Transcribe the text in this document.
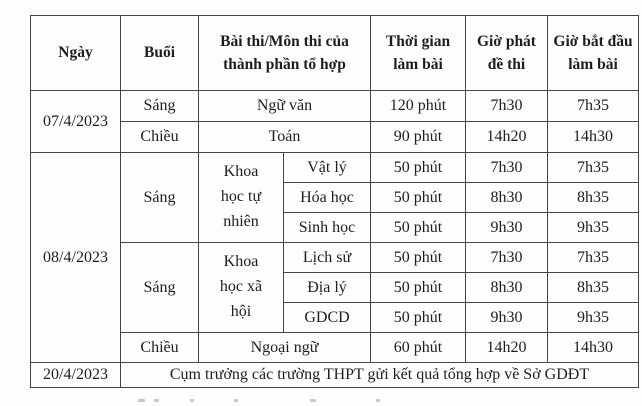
Ngày	Buổi	Bài thi/Môn thi của thành phần tổ hợp		Thời gian làm bài	Giờ phát đề thi	Giờ bắt đầu làm bài
07/4/2023	Sáng	Ngữ văn		120 phút	7h30	7h35
	Chiều	Toán		90 phút	14h20	14h30
08/4/2023	Sáng	Khoa học tự nhiên	Vật lý	50 phút	7h30	7h35
			Hóa học	50 phút	8h30	8h35
			Sinh học	50 phút	9h30	9h35
	Sáng	Khoa học xã hội	Lịch sử	50 phút	7h30	7h35
			Địa lý	50 phút	8h30	8h35
			GDCD	50 phút	9h30	9h35
	Chiều	Ngoại ngữ		60 phút	14h20	14h30
20/4/2023	Cụm trưởng các trường THPT gửi kết quả tổng hợp về Sở GDĐT					
